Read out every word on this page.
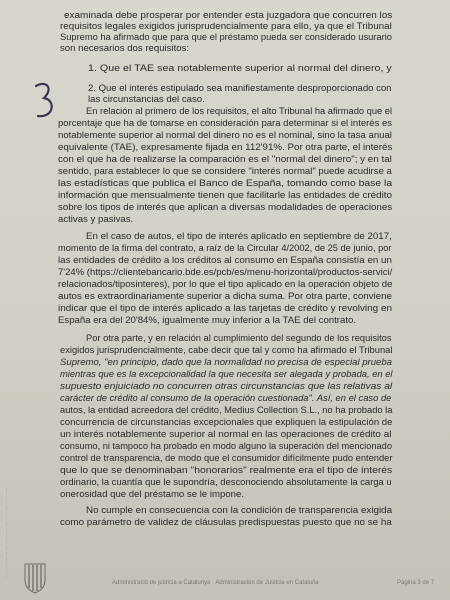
examinada debe prosperar por entender esta juzgadora que concurren los
requisitos legales exigidos jurisprudencialmente para ello, ya que el Tribunal
Supremo ha afirmado que para que el préstamo pueda ser considerado usurario
son necesarios dos requisitos:
1. Que el TAE sea notablemente superior al normal del dinero, y
2. Que el interés estipulado sea manifiestamente desproporcionado con
las circunstancias del caso.
En relación al primero de los requisitos, el alto Tribunal ha afirmado que el
porcentaje que ha de tomarse en consideración para determinar si el interés es
notablemente superior al normal del dinero no es el nominal, sino la tasa anual
equivalente (TAE), expresamente fijada en 112'91%. Por otra parte, el interés
con el que ha de realizarse la comparación es el "normal del dinero"; y en tal
sentido, para establecer lo que se considere "interés normal" puede acudirse a
las estadísticas que publica el Banco de España, tomando como base la
información que mensualmente tienen que facilitarle las entidades de crédito
sobre los tipos de interés que aplican a diversas modalidades de operaciones
activas y pasivas.
En el caso de autos, el tipo de interés aplicado en septiembre de 2017,
momento de la firma del contrato, a raíz de la Circular 4/2002, de 25 de junio, por
las entidades de crédito a los créditos al consumo en España consistía en un
7'24% (https://clientebancario.bde.es/pcb/es/menu-horizontal/productos-servici/
relacionados/tiposinteres), por lo que el tipo aplicado en la operación objeto de
autos es extraordinariamente superior a dicha suma. Por otra parte, conviene
indicar que el tipo de interés aplicado a las tarjetas de crédito y revolving en
España era del 20'84%, igualmente muy inferior a la TAE del contrato.
Por otra parte, y en relación al cumplimiento del segundo de los requisitos
exigidos jurisprudencialmente, cabe decir que tal y como ha afirmado el Tribunal
Supremo, "en principio, dado que la normalidad no precisa de especial prueba
mientras que es la excepcionalidad la que necesita ser alegada y probada, en el
supuesto enjuiciado no concurren otras circunstancias que las relativas al
carácter de crédito al consumo de la operación cuestionada". Así, en el caso de
autos, la entidad acreedora del crédito, Medius Collection S.L., no ha probado la
concurrencia de circunstancias excepcionales que expliquen la estipulación de
un interés notablemente superior al normal en las operaciones de crédito al
consumo, ni tampoco ha probado en modo alguno la superación del mencionado
control de transparencia, de modo que el consumidor difícilmente pudo entender
que lo que se denominaban "honorarios" realmente era el tipo de interés
ordinario, la cuantía que le supondría, desconociendo absolutamente la carga u
onerosidad que del préstamo se le impone.
No cumple en consecuencia con la condición de transparencia exigida
como parámetro de validez de cláusulas predispuestas puesto que no se ha
·· · ··· ···· ·· ··· · ·· ···· ··· · ·· ··· · ·· ····
Administració de justícia a Catalunya · Administración de Justicia en Cataluña	Pàgina 3 de 7
